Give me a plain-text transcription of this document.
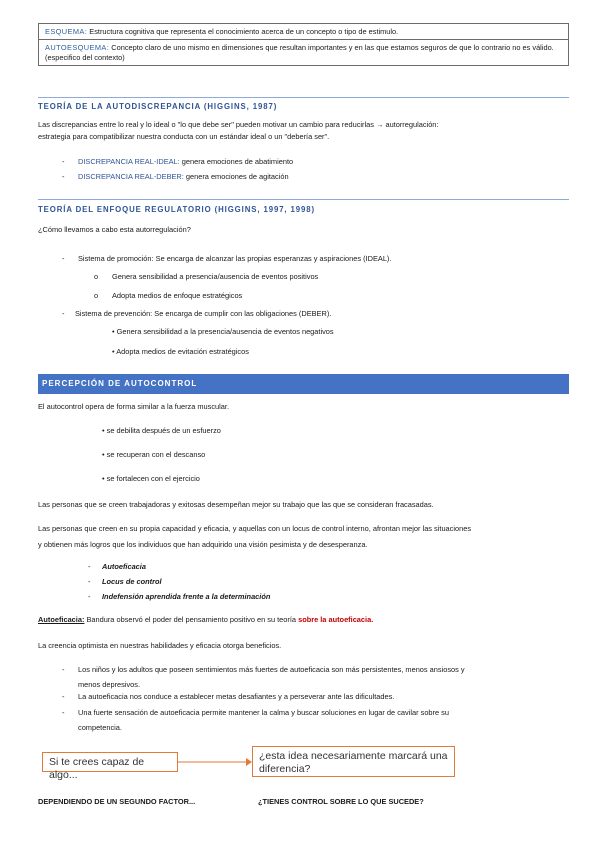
ESQUEMA: Estructura cognitiva que representa el conocimiento acerca de un concepto o tipo de estimulo.
AUTOESQUEMA: Concepto claro de uno mismo en dimensiones que resultan importantes y en las que estamos seguros de que lo contrario no es válido. (especifico del contexto)
TEORÍA DE LA AUTODISCREPANCIA (HIGGINS, 1987)
Las discrepancias entre lo real y lo ideal o "lo que debe ser" pueden motivar un cambio para reducirlas → autorregulación:
estrategia para compatibilizar nuestra conducta con un estándar ideal o un "debería ser".
- DISCREPANCIA REAL-IDEAL: genera emociones de abatimiento
- DISCREPANCIA REAL-DEBER: genera emociones de agitación
TEORÍA DEL ENFOQUE REGULATORIO (HIGGINS, 1997, 1998)
¿Cómo llevamos a cabo esta autorregulación?
- Sistema de promoción: Se encarga de alcanzar las propias esperanzas y aspiraciones (IDEAL).
o Genera sensibilidad a presencia/ausencia de eventos positivos
o Adopta medios de enfoque estratégicos
- Sistema de prevención: Se encarga de cumplir con las obligaciones (DEBER).
• Genera sensibilidad a la presencia/ausencia de eventos negativos
• Adopta medios de evitación estratégicos
PERCEPCIÓN DE AUTOCONTROL
El autocontrol opera de forma similar a la fuerza muscular.
• se debilita después de un esfuerzo
• se recuperan con el descanso
• se fortalecen con el ejercicio
Las personas que se creen trabajadoras y exitosas desempeñan mejor su trabajo que las que se consideran fracasadas.
Las personas que creen en su propia capacidad y eficacia, y aquellas con un locus de control interno, afrontan mejor las situaciones
y obtienen más logros que los individuos que han adquirido una visión pesimista y de desesperanza.
- Autoeficacia
- Locus de control
- Indefensión aprendida frente a la determinación
Autoeficacia: Bandura observó el poder del pensamiento positivo en su teoría sobre la autoeficacia.
La creencia optimista en nuestras habilidades y eficacia otorga beneficios.
- Los niños y los adultos que poseen sentimientos más fuertes de autoeficacia son más persistentes, menos ansiosos y
menos depresivos.
- La autoeficacia nos conduce a establecer metas desafiantes y a perseverar ante las dificultades.
- Una fuerte sensación de autoeficacia permite mantener la calma y buscar soluciones en lugar de cavilar sobre su
competencia.
Si te crees capaz de algo...
¿esta idea necesariamente marcará una
diferencia?
DEPENDIENDO DE UN SEGUNDO FACTOR...	¿TIENES CONTROL SOBRE LO QUE SUCEDE?
